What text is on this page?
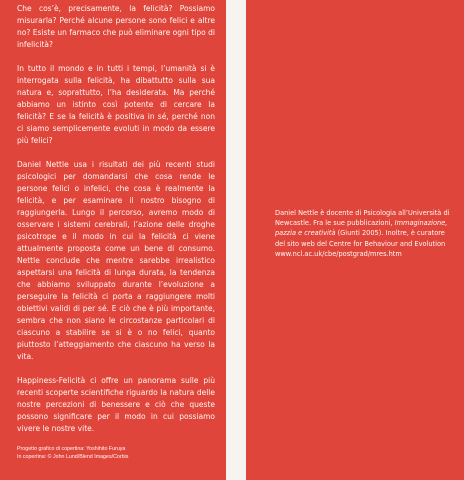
Che cos’è, precisamente, la felicità? Possiamo misurarla? Perché alcune persone sono felici e altre no? Esiste un farmaco che può eliminare ogni tipo di infelicità?

In tutto il mondo e in tutti i tempi, l’umanità si è interrogata sulla felicità, ha dibattutto sulla sua natura e, soprattutto, l’ha desiderata. Ma perché abbiamo un istinto così potente di cercare la felicità? E se la felicità è positiva in sé, perché non ci siamo semplicemente evoluti in modo da essere più felici?

Daniel Nettle usa i risultati dei più recenti studi psicologici per domandarsi che cosa rende le persone felici o infelici, che cosa è realmente la felicità, e per esaminare il nostro bisogno di raggiungerla. Lungo il percorso, avremo modo di osservare i sistemi cerebrali, l’azione delle droghe psicotrope e il modo in cui la felicità ci viene attualmente proposta come un bene di consumo. Nettle conclude che mentre sarebbe irrealistico aspettarsi una felicità di lunga durata, la tendenza che abbiamo sviluppato durante l’evoluzione a perseguire la felicità ci porta a raggiungere molti obiettivi validi di per sé. E ciò che è più importante, sembra che non siano le circostanze particolari di ciascuno a stabilire se si è o no felici, quanto piuttosto l’atteggiamento che ciascuno ha verso la vita.

Happiness-Felicità ci offre un panorama sulle più recenti scoperte scientifiche riguardo la natura delle nostre percezioni di benessere e ciò che queste possono significare per il modo in cui possiamo vivere le nostre vite.

Progetto grafico di copertina: Yoshihito Furuya
In copertina: © John Lund/Blend Images/Corbis
Daniel Nettle è docente di Psicologia all’Università di Newcastle. Fra le sue pubblicazioni, Immaginazione, pazzia e creatività (Giunti 2005). Inoltre, è curatore del sito web del Centre for Behaviour and Evolution www.ncl.ac.uk/cbe/postgrad/mres.htm
